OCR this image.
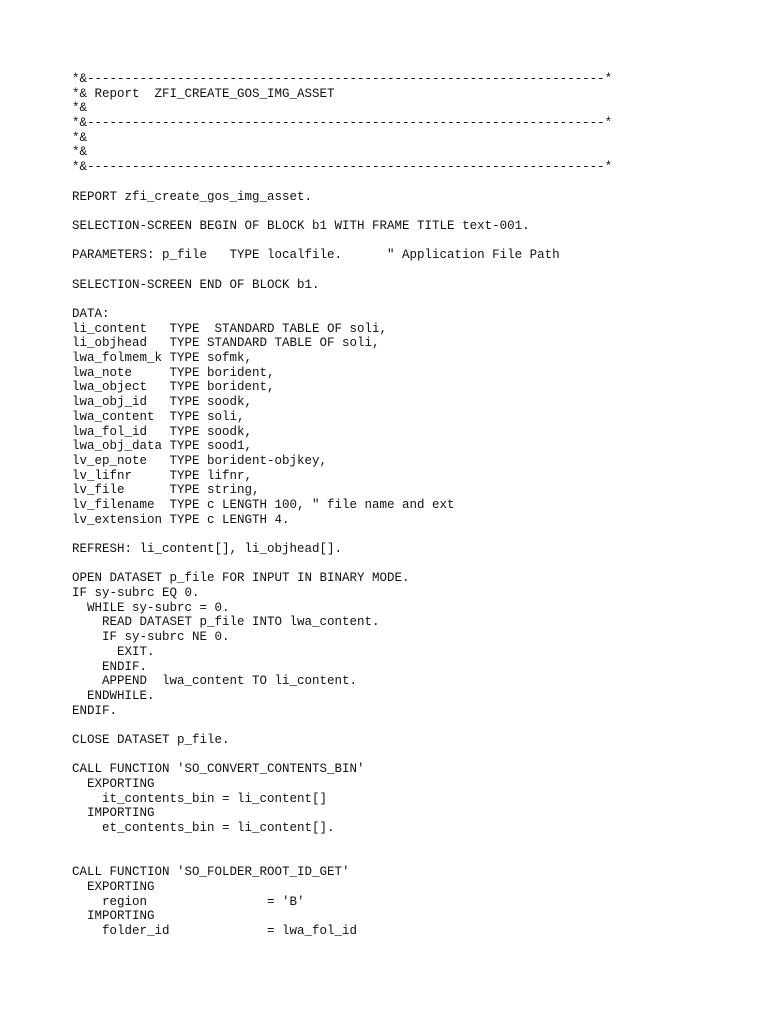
*&---------------------------------------------------------------------*
*& Report  ZFI_CREATE_GOS_IMG_ASSET
*&
*&---------------------------------------------------------------------*
*&
*&
*&---------------------------------------------------------------------*
REPORT zfi_create_gos_img_asset.
SELECTION-SCREEN BEGIN OF BLOCK b1 WITH FRAME TITLE text-001.
PARAMETERS: p_file   TYPE localfile.      " Application File Path
SELECTION-SCREEN END OF BLOCK b1.
DATA:
li_content   TYPE  STANDARD TABLE OF soli,
li_objhead   TYPE STANDARD TABLE OF soli,
lwa_folmem_k TYPE sofmk,
lwa_note     TYPE borident,
lwa_object   TYPE borident,
lwa_obj_id   TYPE soodk,
lwa_content  TYPE soli,
lwa_fol_id   TYPE soodk,
lwa_obj_data TYPE sood1,
lv_ep_note   TYPE borident-objkey,
lv_lifnr     TYPE lifnr,
lv_file      TYPE string,
lv_filename  TYPE c LENGTH 100, " file name and ext
lv_extension TYPE c LENGTH 4.
REFRESH: li_content[], li_objhead[].
OPEN DATASET p_file FOR INPUT IN BINARY MODE.
IF sy-subrc EQ 0.
WHILE sy-subrc = 0.
READ DATASET p_file INTO lwa_content.
IF sy-subrc NE 0.
EXIT.
ENDIF.
APPEND  lwa_content TO li_content.
ENDWHILE.
ENDIF.
CLOSE DATASET p_file.
CALL FUNCTION 'SO_CONVERT_CONTENTS_BIN'
EXPORTING
it_contents_bin = li_content[]
IMPORTING
et_contents_bin = li_content[].
CALL FUNCTION 'SO_FOLDER_ROOT_ID_GET'
EXPORTING
region                = 'B'
IMPORTING
folder_id             = lwa_fol_id
